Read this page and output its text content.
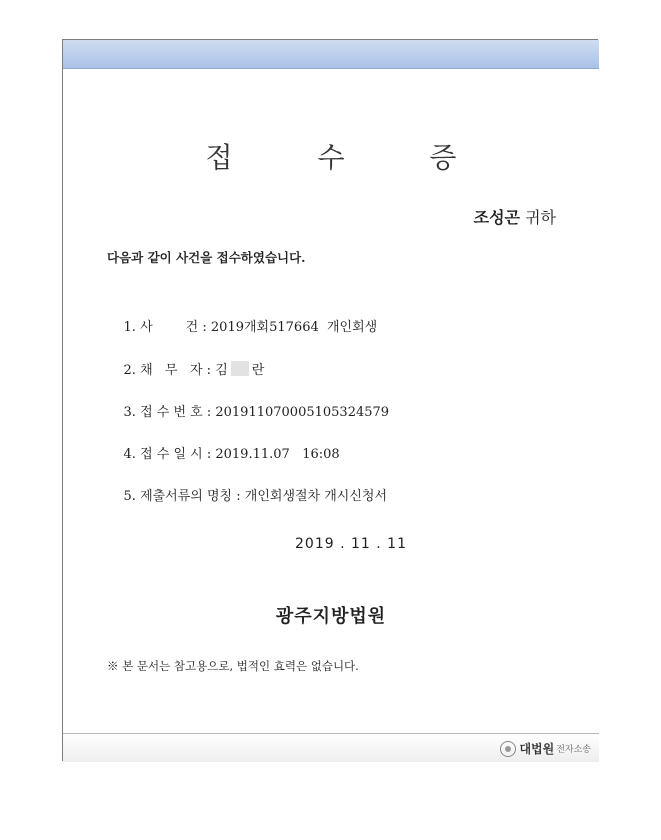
접 수 증
조성곤 귀하
다음과 같이 사건을 접수하였습니다.

1. 사        건 : 2019개회517664  개인회생

2. 채   무   자 : 김 란

3. 접 수 번 호 : 201911070005105324579

4. 접 수 일 시 : 2019.11.07   16:08

5. 제출서류의 명칭 : 개인회생절차 개시신청서

2019 . 11 . 11
광주지방법원
※ 본 문서는 참고용으로, 법적인 효력은 없습니다.
대법원 전자소송
